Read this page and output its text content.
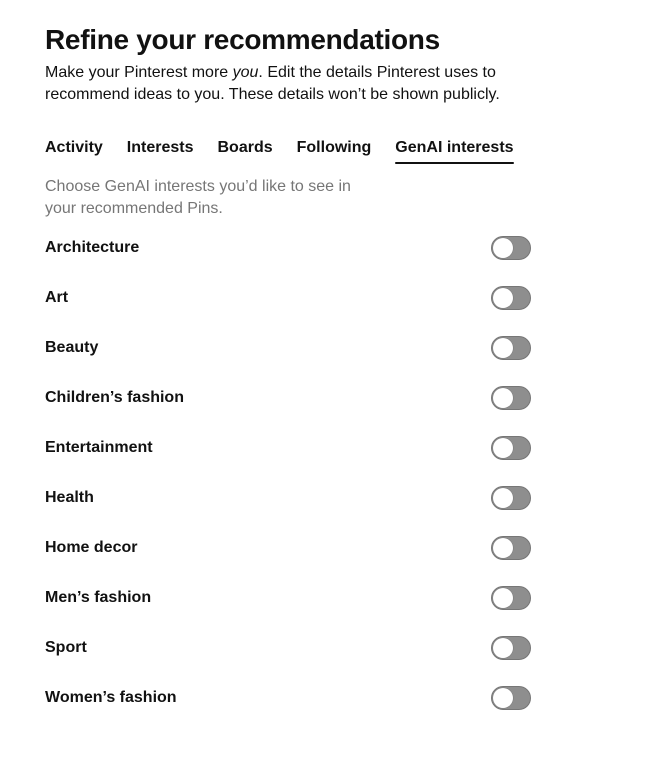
Refine your recommendations
Make your Pinterest more you. Edit the details Pinterest uses to recommend ideas to you. These details won’t be shown publicly.
Activity	Interests	Boards	Following	GenAI interests
Choose GenAI interests you’d like to see in your recommended Pins.
Architecture
Art
Beauty
Children’s fashion
Entertainment
Health
Home decor
Men’s fashion
Sport
Women’s fashion
